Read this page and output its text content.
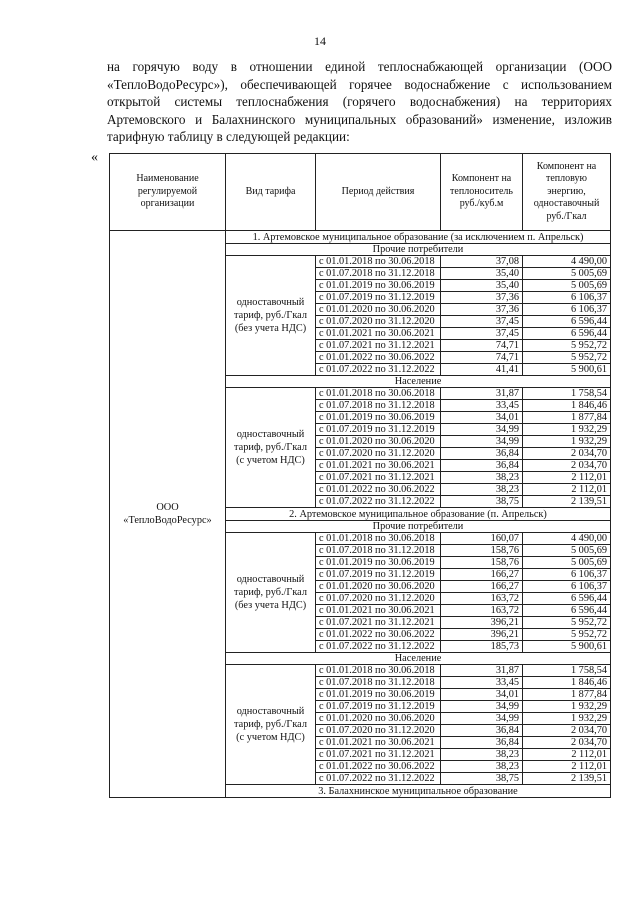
14

на горячую воду в отношении единой теплоснабжающей организации (ООО «ТеплоВодоРесурс»), обеспечивающей горячее водоснабжение с использованием открытой системы теплоснабжения (горячего водоснабжения) на территориях Артемовского и Балахнинского муниципальных образований» изменение, изложив тарифную таблицу в следующей редакции:

«
Наименование регулируемой организации	Вид тарифа	Период действия	Компонент на теплоноситель руб./куб.м	Компонент на тепловую энергию, одноставочный руб./Гкал
ООО «ТеплоВодоРесурс»	1. Артемовское муниципальное образование (за исключением п. Апрельск)			
	Прочие потребители			
	одноставочный тариф, руб./Гкал (без учета НДС)	с 01.01.2018 по 30.06.2018	37,08	4 490,00
		с 01.07.2018 по 31.12.2018	35,40	5 005,69
		с 01.01.2019 по 30.06.2019	35,40	5 005,69
		с 01.07.2019 по 31.12.2019	37,36	6 106,37
		с 01.01.2020 по 30.06.2020	37,36	6 106,37
		с 01.07.2020 по 31.12.2020	37,45	6 596,44
		с 01.01.2021 по 30.06.2021	37,45	6 596,44
		с 01.07.2021 по 31.12.2021	74,71	5 952,72
		с 01.01.2022 по 30.06.2022	74,71	5 952,72
		с 01.07.2022 по 31.12.2022	41,41	5 900,61
	Население			
	одноставочный тариф, руб./Гкал (с учетом НДС)	с 01.01.2018 по 30.06.2018	31,87	1 758,54
		с 01.07.2018 по 31.12.2018	33,45	1 846,46
		с 01.01.2019 по 30.06.2019	34,01	1 877,84
		с 01.07.2019 по 31.12.2019	34,99	1 932,29
		с 01.01.2020 по 30.06.2020	34,99	1 932,29
		с 01.07.2020 по 31.12.2020	36,84	2 034,70
		с 01.01.2021 по 30.06.2021	36,84	2 034,70
		с 01.07.2021 по 31.12.2021	38,23	2 112,01
		с 01.01.2022 по 30.06.2022	38,23	2 112,01
		с 01.07.2022 по 31.12.2022	38,75	2 139,51
	2. Артемовское муниципальное образование (п. Апрельск)			
	Прочие потребители			
	одноставочный тариф, руб./Гкал (без учета НДС)	с 01.01.2018 по 30.06.2018	160,07	4 490,00
		с 01.07.2018 по 31.12.2018	158,76	5 005,69
		с 01.01.2019 по 30.06.2019	158,76	5 005,69
		с 01.07.2019 по 31.12.2019	166,27	6 106,37
		с 01.01.2020 по 30.06.2020	166,27	6 106,37
		с 01.07.2020 по 31.12.2020	163,72	6 596,44
		с 01.01.2021 по 30.06.2021	163,72	6 596,44
		с 01.07.2021 по 31.12.2021	396,21	5 952,72
		с 01.01.2022 по 30.06.2022	396,21	5 952,72
		с 01.07.2022 по 31.12.2022	185,73	5 900,61
	Население			
	одноставочный тариф, руб./Гкал (с учетом НДС)	с 01.01.2018 по 30.06.2018	31,87	1 758,54
		с 01.07.2018 по 31.12.2018	33,45	1 846,46
		с 01.01.2019 по 30.06.2019	34,01	1 877,84
		с 01.07.2019 по 31.12.2019	34,99	1 932,29
		с 01.01.2020 по 30.06.2020	34,99	1 932,29
		с 01.07.2020 по 31.12.2020	36,84	2 034,70
		с 01.01.2021 по 30.06.2021	36,84	2 034,70
		с 01.07.2021 по 31.12.2021	38,23	2 112,01
		с 01.01.2022 по 30.06.2022	38,23	2 112,01
		с 01.07.2022 по 31.12.2022	38,75	2 139,51
	3. Балахнинское муниципальное образование			
